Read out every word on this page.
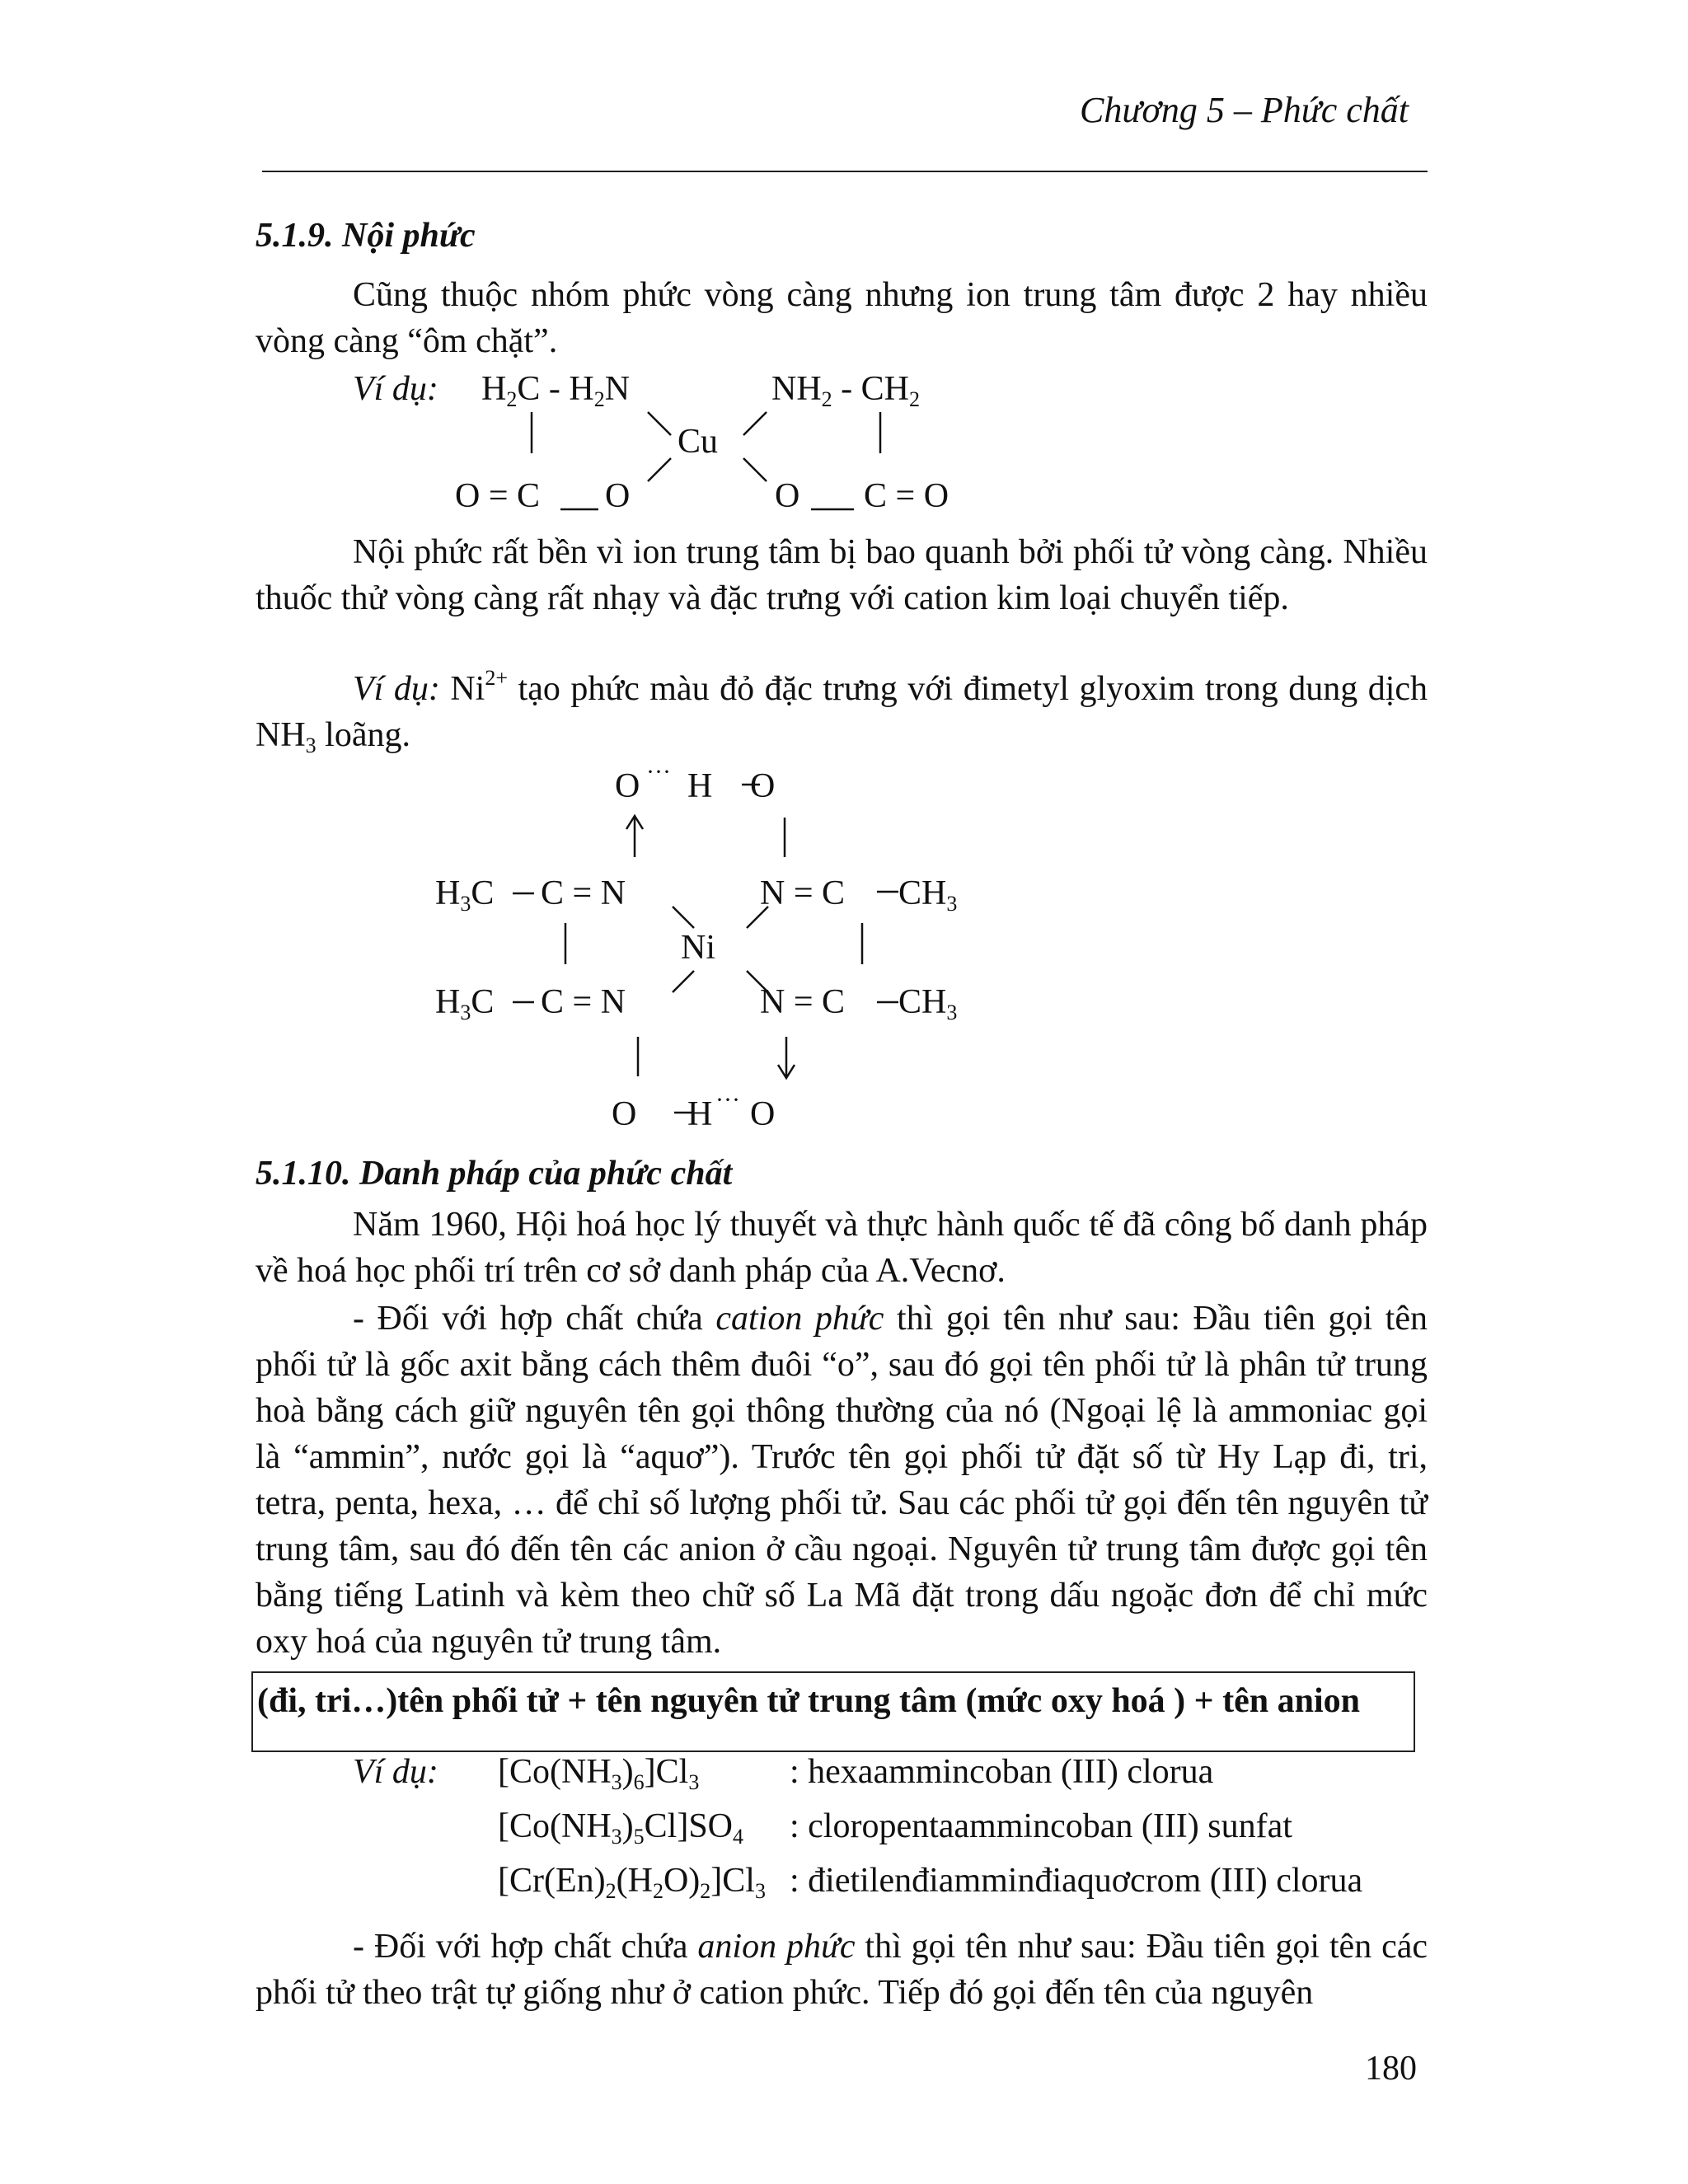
Chương 5 – Phức chất
5.1.9. Nội phức
Cũng thuộc nhóm phức vòng càng nhưng ion trung tâm được 2 hay nhiều vòng càng “ôm chặt”.
Ví dụ: $H_2C - H_2N$	$NH_2 - CH_2$
Cu
O = C O	O C = O
Nội phức rất bền vì ion trung tâm bị bao quanh bởi phối tử vòng càng. Nhiều thuốc thử vòng càng rất nhạy và đặc trưng với cation kim loại chuyển tiếp.
Ví dụ: $Ni^{2+}$ tạo phức màu đỏ đặc trưng với đimetyl glyoxim trong dung dịch $NH_3$ loãng.
O ··· H O
$H_3C$ C = N	N = C $CH_3$
Ni
$H_3C$ C = N	N = C $CH_3$
O H ··· O
5.1.10. Danh pháp của phức chất
Năm 1960, Hội hoá học lý thuyết và thực hành quốc tế đã công bố danh pháp về hoá học phối trí trên cơ sở danh pháp của A.Vecnơ.
- Đối với hợp chất chứa cation phức thì gọi tên như sau: Đầu tiên gọi tên phối tử là gốc axit bằng cách thêm đuôi “o”, sau đó gọi tên phối tử là phân tử trung hoà bằng cách giữ nguyên tên gọi thông thường của nó (Ngoại lệ là ammoniac gọi là “ammin”, nước gọi là “aquơ”). Trước tên gọi phối tử đặt số từ Hy Lạp đi, tri, tetra, penta, hexa, … để chỉ số lượng phối tử. Sau các phối tử gọi đến tên nguyên tử trung tâm, sau đó đến tên các anion ở cầu ngoại. Nguyên tử trung tâm được gọi tên bằng tiếng Latinh và kèm theo chữ số La Mã đặt trong dấu ngoặc đơn để chỉ mức oxy hoá của nguyên tử trung tâm.
(đi, tri…)tên phối tử + tên nguyên tử trung tâm (mức oxy hoá ) + tên anion
Ví dụ: $[Co(NH_3)_6]Cl_3$	: hexaammincoban (III) clorua
$[Co(NH_3)_5Cl]SO_4$ : cloropentaammincoban (III) sunfat
$[Cr(En)_2(H_2O)_2]Cl_3$ : đietilenđiamminđiaquơcrom (III) clorua
- Đối với hợp chất chứa anion phức thì gọi tên như sau: Đầu tiên gọi tên các phối tử theo trật tự giống như ở cation phức. Tiếp đó gọi đến tên của nguyên
180
